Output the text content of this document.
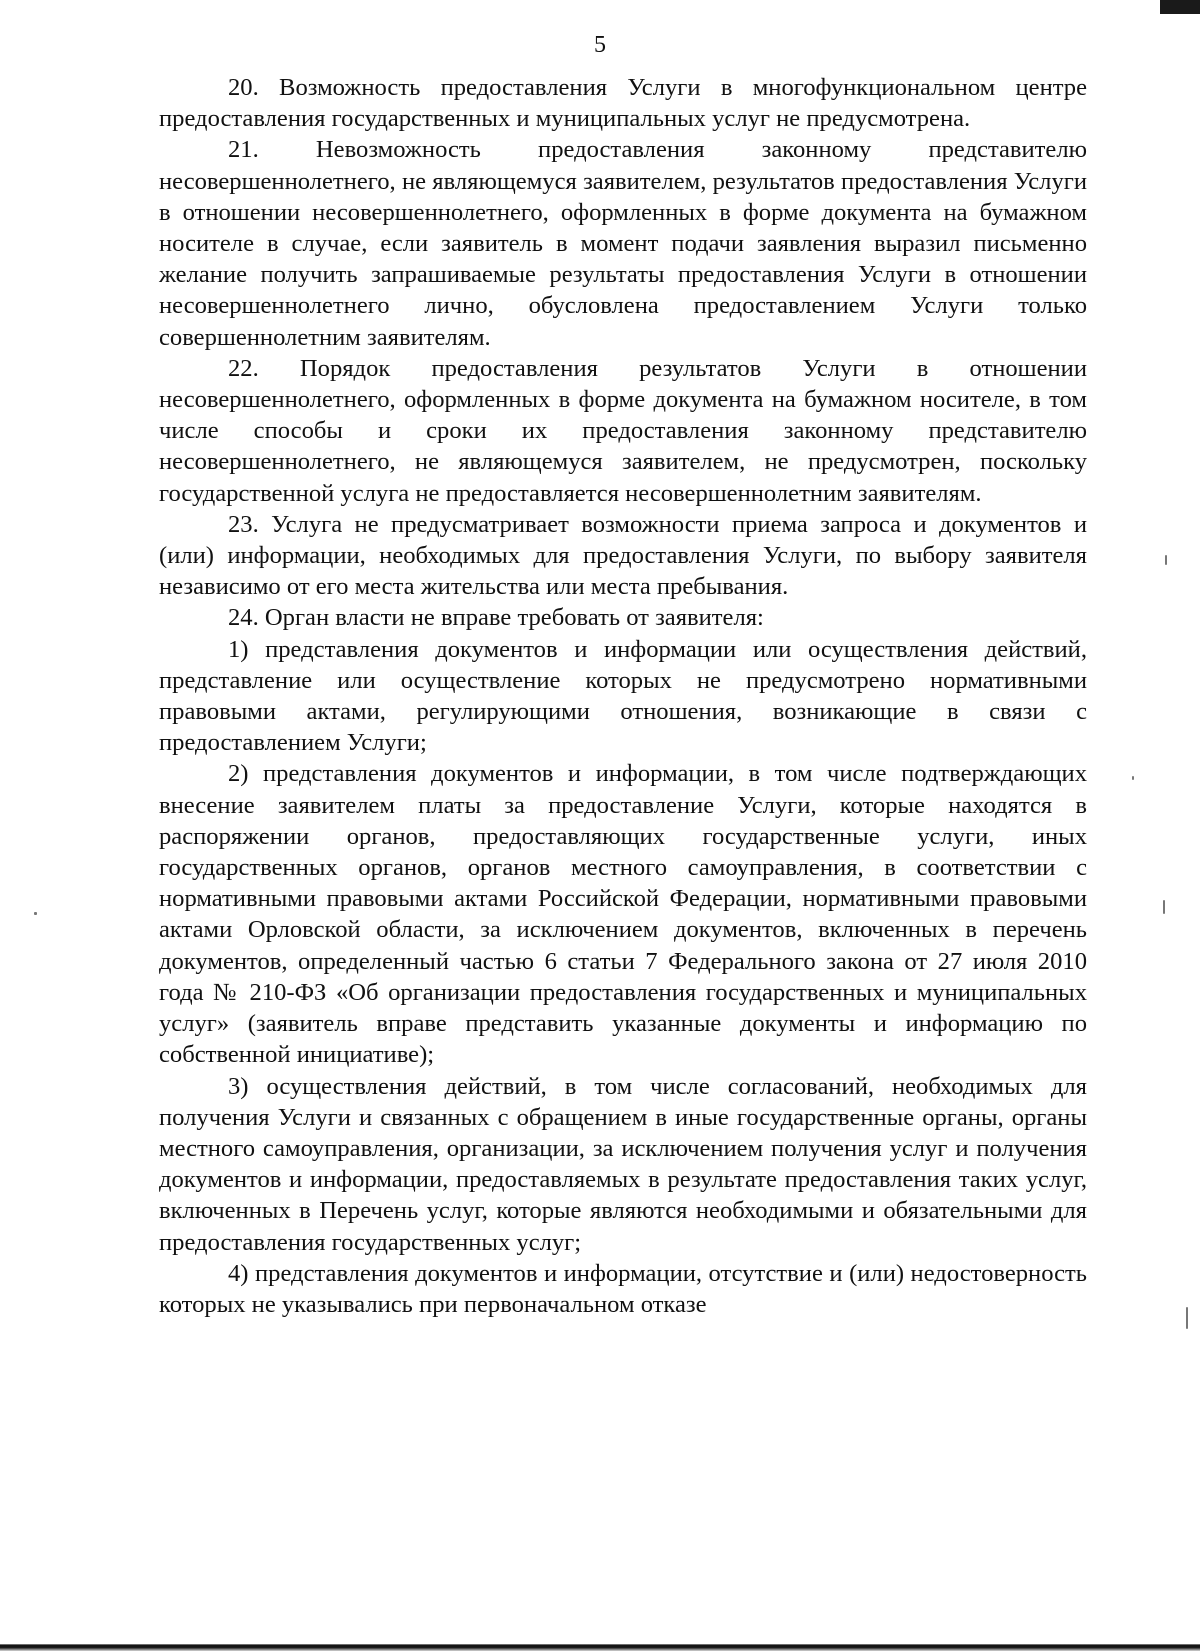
5

20. Возможность предоставления Услуги в многофункциональном центре предоставления государственных и муниципальных услуг не предусмотрена.

21. Невозможность предоставления законному представителю несовершеннолетнего, не являющемуся заявителем, результатов предоставления Услуги в отношении несовершеннолетнего, оформленных в форме документа на бумажном носителе в случае, если заявитель в момент подачи заявления выразил письменно желание получить запрашиваемые результаты предоставления Услуги в отношении несовершеннолетнего лично, обусловлена предоставлением Услуги только совершеннолетним заявителям.

22. Порядок предоставления результатов Услуги в отношении несовершеннолетнего, оформленных в форме документа на бумажном носителе, в том числе способы и сроки их предоставления законному представителю несовершеннолетнего, не являющемуся заявителем, не предусмотрен, поскольку государственной услуга не предоставляется несовершеннолетним заявителям.

23. Услуга не предусматривает возможности приема запроса и документов и (или) информации, необходимых для предоставления Услуги, по выбору заявителя независимо от его места жительства или места пребывания.

24. Орган власти не вправе требовать от заявителя:

1) представления документов и информации или осуществления действий, представление или осуществление которых не предусмотрено нормативными правовыми актами, регулирующими отношения, возникающие в связи с предоставлением Услуги;

2) представления документов и информации, в том числе подтверждающих внесение заявителем платы за предоставление Услуги, которые находятся в распоряжении органов, предоставляющих государственные услуги, иных государственных органов, органов местного самоуправления, в соответствии с нормативными правовыми актами Российской Федерации, нормативными правовыми актами Орловской области, за исключением документов, включенных в перечень документов, определенный частью 6 статьи 7 Федерального закона от 27 июля 2010 года № 210-ФЗ «Об организации предоставления государственных и муниципальных услуг» (заявитель вправе представить указанные документы и информацию по собственной инициативе);

3) осуществления действий, в том числе согласований, необходимых для получения Услуги и связанных с обращением в иные государственные органы, органы местного самоуправления, организации, за исключением получения услуг и получения документов и информации, предоставляемых в результате предоставления таких услуг, включенных в Перечень услуг, которые являются необходимыми и обязательными для предоставления государственных услуг;

4) представления документов и информации, отсутствие и (или) недостоверность которых не указывались при первоначальном отказе
